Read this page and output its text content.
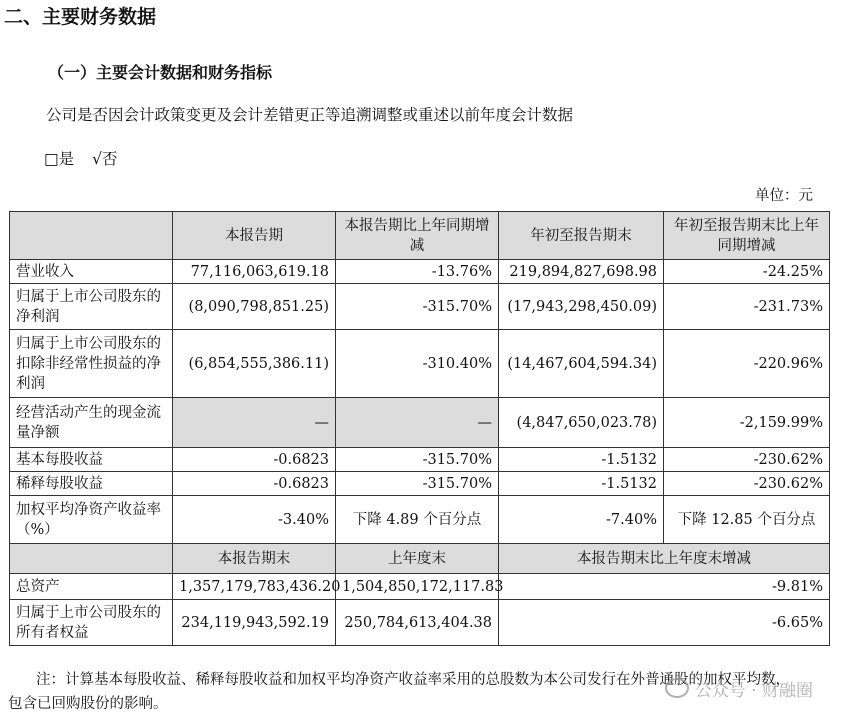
二、主要财务数据
（一）主要会计数据和财务指标
公司是否因会计政策变更及会计差错更正等追溯调整或重述以前年度会计数据
□是 √否
单位：元
	本报告期	本报告期比上年同期增减	年初至报告期末	年初至报告期末比上年同期增减
营业收入	77,116,063,619.18	-13.76%	219,894,827,698.98	-24.25%
归属于上市公司股东的净利润	(8,090,798,851.25)	-315.70%	(17,943,298,450.09)	-231.73%
归属于上市公司股东的扣除非经常性损益的净利润	(6,854,555,386.11)	-310.40%	(14,467,604,594.34)	-220.96%
经营活动产生的现金流量净额	—	—	(4,847,650,023.78)	-2,159.99%
基本每股收益	-0.6823	-315.70%	-1.5132	-230.62%
稀释每股收益	-0.6823	-315.70%	-1.5132	-230.62%
加权平均净资产收益率（%）	-3.40%	下降 4.89 个百分点	-7.40%	下降 12.85 个百分点
	本报告期末	上年度末	本报告期末比上年度末增减	
总资产	1,357,179,783,436.20	1,504,850,172,117.83	-9.81%	
归属于上市公司股东的所有者权益	234,119,943,592.19	250,784,613,404.38	-6.65%	
注：计算基本每股收益、稀释每股收益和加权平均净资产收益率采用的总股数为本公司发行在外普通股的加权平均数，
包含已回购股份的影响。
公众号 · 财融圈
